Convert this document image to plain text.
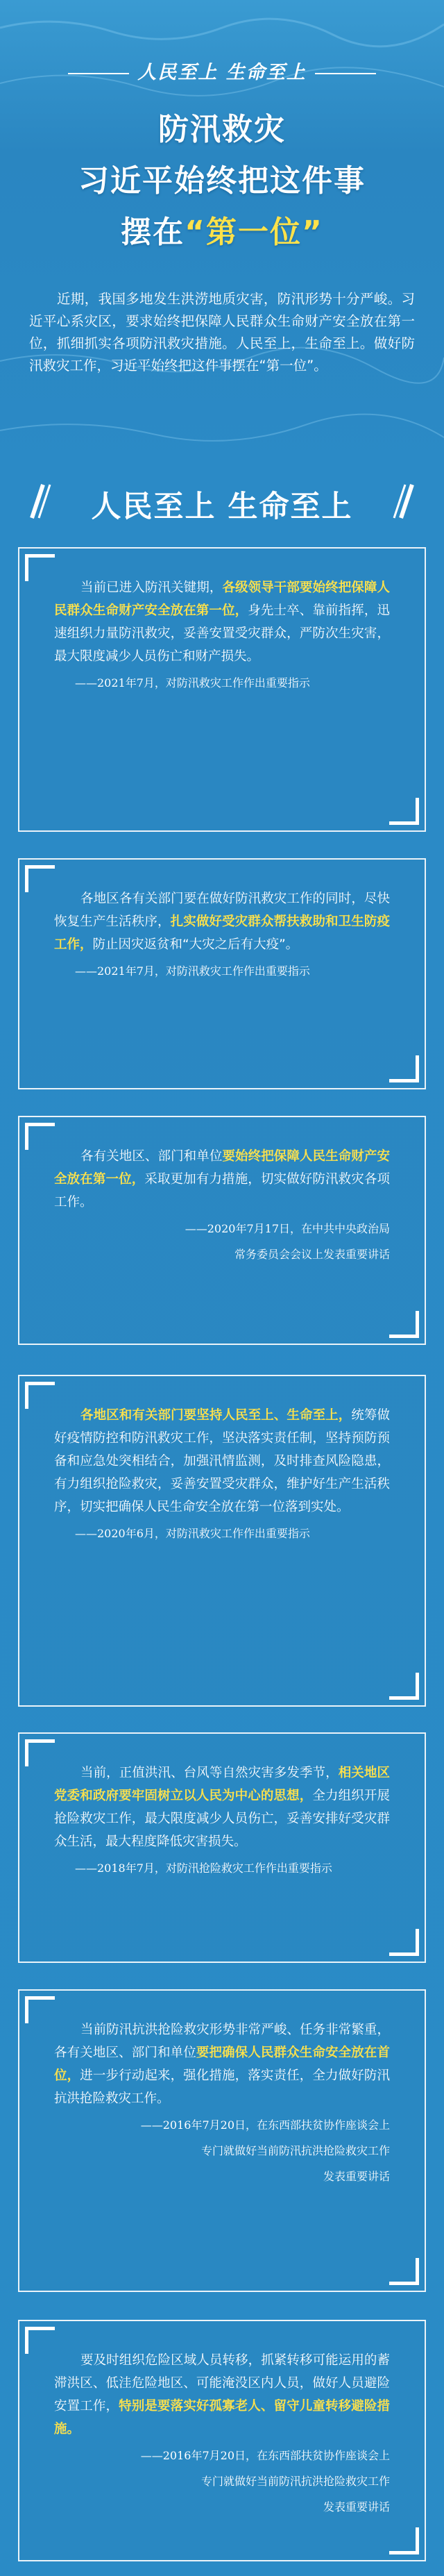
人民至上 生命至上
防汛救灾
习近平始终把这件事
摆在“第一位”
近期，我国多地发生洪涝地质灾害，防汛形势十分严峻。习近平心系灾区，要求始终把保障人民群众生命财产安全放在第一位，抓细抓实各项防汛救灾措施。人民至上，生命至上。做好防汛救灾工作，习近平始终把这件事摆在“第一位”。
人民至上 生命至上

当前已进入防汛关键期，各级领导干部要始终把保障人民群众生命财产安全放在第一位，身先士卒、靠前指挥，迅速组织力量防汛救灾，妥善安置受灾群众，严防次生灾害，最大限度减少人员伤亡和财产损失。

——2021年7月，对防汛救灾工作作出重要指示

各地区各有关部门要在做好防汛救灾工作的同时，尽快恢复生产生活秩序，扎实做好受灾群众帮扶救助和卫生防疫工作，防止因灾返贫和“大灾之后有大疫”。

——2021年7月，对防汛救灾工作作出重要指示

各有关地区、部门和单位要始终把保障人民生命财产安全放在第一位，采取更加有力措施，切实做好防汛救灾各项工作。

——2020年7月17日，在中共中央政治局
常务委员会会议上发表重要讲话

各地区和有关部门要坚持人民至上、生命至上，统筹做好疫情防控和防汛救灾工作，坚决落实责任制，坚持预防预备和应急处突相结合，加强汛情监测，及时排查风险隐患，有力组织抢险救灾，妥善安置受灾群众，维护好生产生活秩序，切实把确保人民生命安全放在第一位落到实处。

——2020年6月，对防汛救灾工作作出重要指示

当前，正值洪汛、台风等自然灾害多发季节，相关地区党委和政府要牢固树立以人民为中心的思想，全力组织开展抢险救灾工作，最大限度减少人员伤亡，妥善安排好受灾群众生活，最大程度降低灾害损失。

——2018年7月，对防汛抢险救灾工作作出重要指示

当前防汛抗洪抢险救灾形势非常严峻、任务非常繁重，各有关地区、部门和单位要把确保人民群众生命安全放在首位，进一步行动起来，强化措施，落实责任，全力做好防汛抗洪抢险救灾工作。

——2016年7月20日，在东西部扶贫协作座谈会上
专门就做好当前防汛抗洪抢险救灾工作
发表重要讲话

要及时组织危险区域人员转移，抓紧转移可能运用的蓄滞洪区、低洼危险地区、可能淹没区内人员，做好人员避险安置工作，特别是要落实好孤寡老人、留守儿童转移避险措施。

——2016年7月20日，在东西部扶贫协作座谈会上
专门就做好当前防汛抗洪抢险救灾工作
发表重要讲话
